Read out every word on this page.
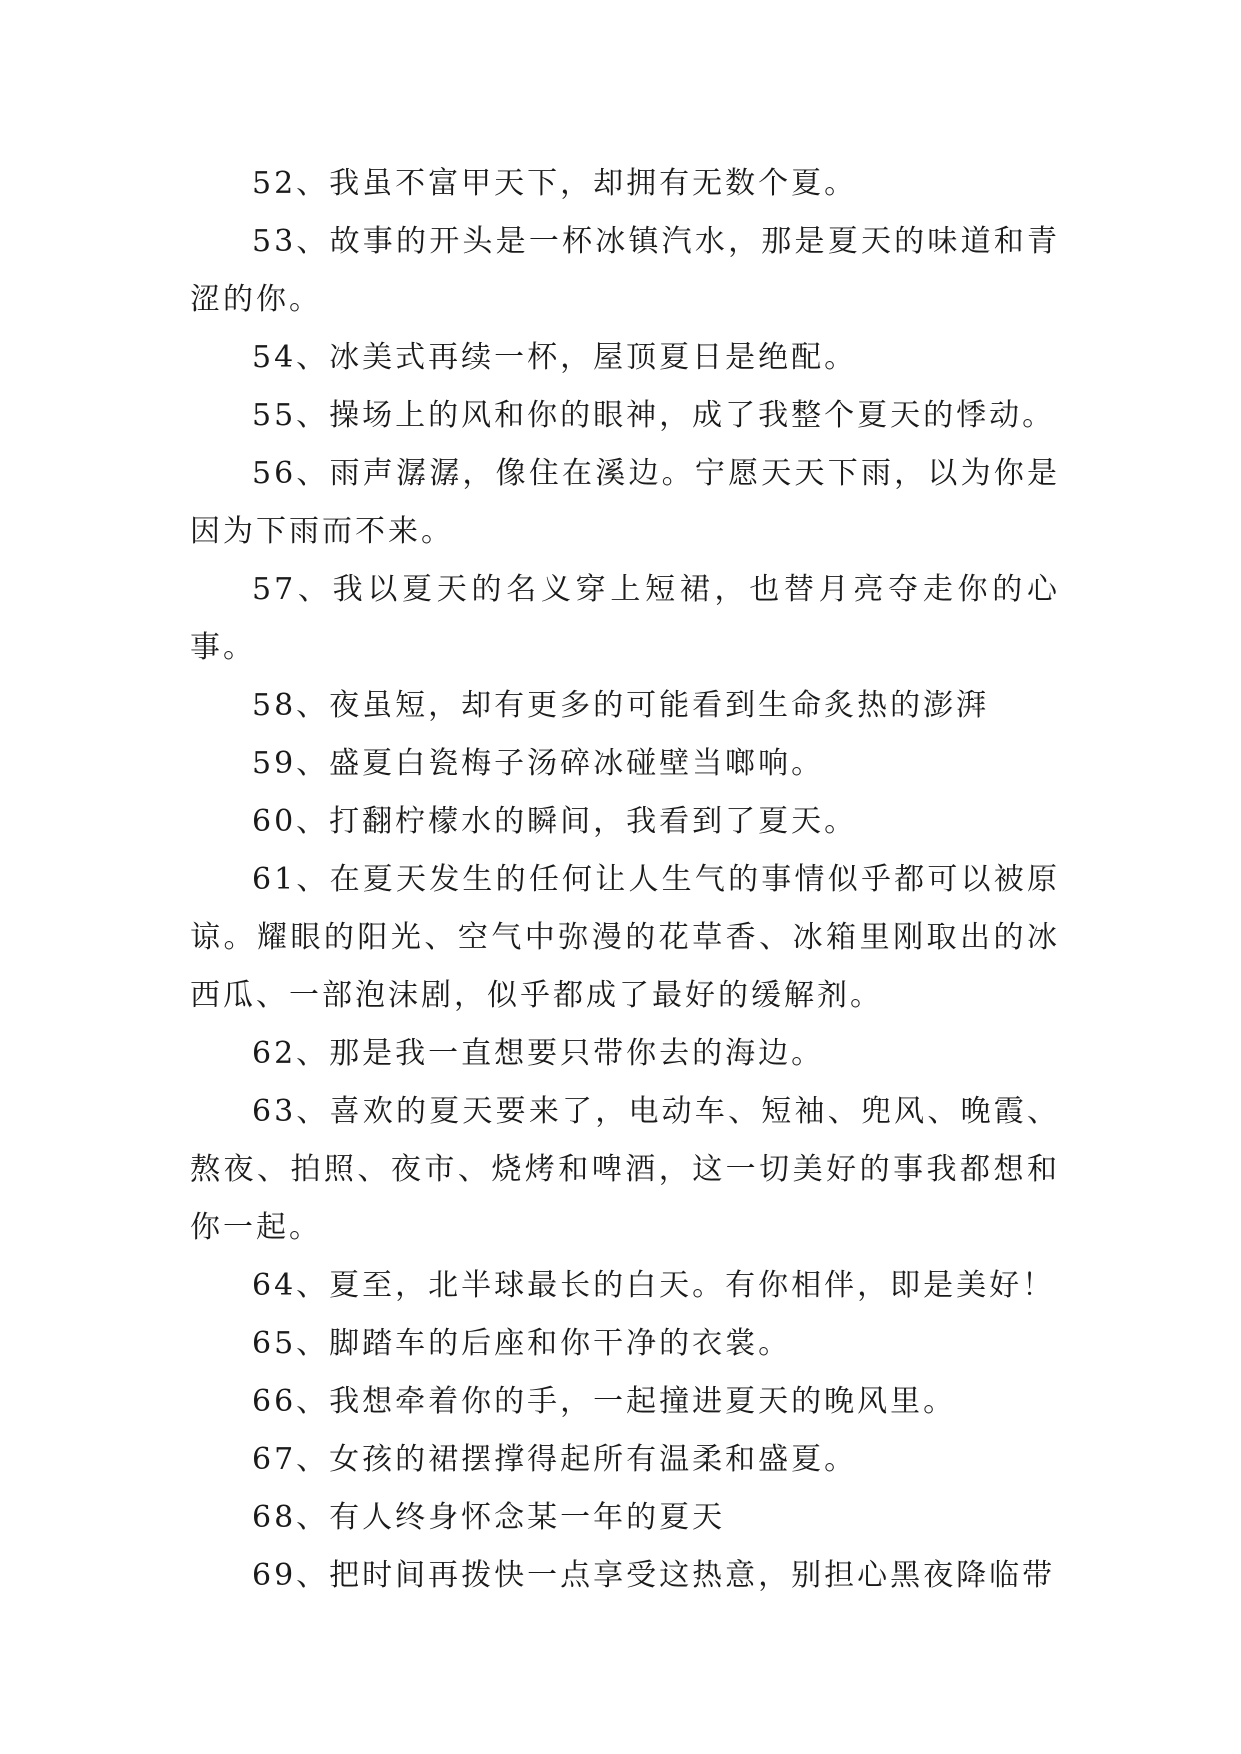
52、我虽不富甲天下，却拥有无数个夏。

53、故事的开头是一杯冰镇汽水，那是夏天的味道和青涩的你。

54、冰美式再续一杯，屋顶夏日是绝配。

55、操场上的风和你的眼神，成了我整个夏天的悸动。

56、雨声潺潺，像住在溪边。宁愿天天下雨，以为你是因为下雨而不来。

57、我以夏天的名义穿上短裙，也替月亮夺走你的心事。

58、夜虽短，却有更多的可能看到生命炙热的澎湃

59、盛夏白瓷梅子汤碎冰碰壁当啷响。

60、打翻柠檬水的瞬间，我看到了夏天。

61、在夏天发生的任何让人生气的事情似乎都可以被原谅。耀眼的阳光、空气中弥漫的花草香、冰箱里刚取出的冰西瓜、一部泡沫剧，似乎都成了最好的缓解剂。

62、那是我一直想要只带你去的海边。

63、喜欢的夏天要来了，电动车、短袖、兜风、晚霞、熬夜、拍照、夜市、烧烤和啤酒，这一切美好的事我都想和你一起。

64、夏至，北半球最长的白天。有你相伴，即是美好！

65、脚踏车的后座和你干净的衣裳。

66、我想牵着你的手，一起撞进夏天的晚风里。

67、女孩的裙摆撑得起所有温柔和盛夏。

68、有人终身怀念某一年的夏天

69、把时间再拨快一点享受这热意，别担心黑夜降临带
